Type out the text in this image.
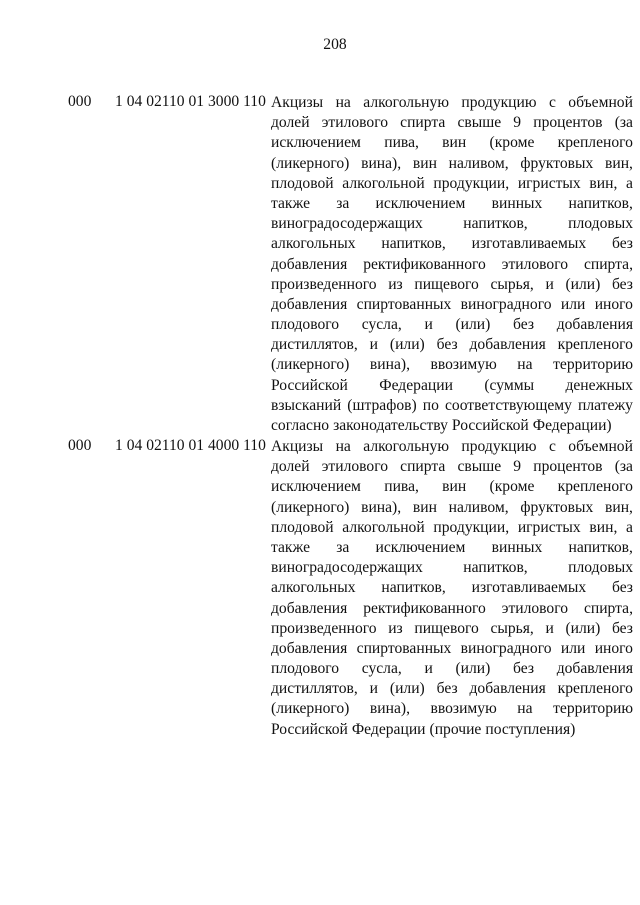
208
000 1 04 02110 01 3000 110 Акцизы на алкогольную продукцию с объемной
долей этилового спирта свыше 9 процентов (за
исключением пива, вин (кроме крепленого
(ликерного) вина), вин наливом, фруктовых вин,
плодовой алкогольной продукции, игристых вин, а
также за исключением винных напитков,
виноградосодержащих	напитков,	плодовых
алкогольных напитков, изготавливаемых без
добавления ректификованного этилового спирта,
произведенного из пищевого сырья, и (или) без
добавления спиртованных виноградного или иного
плодового сусла, и (или) без добавления
дистиллятов, и (или) без добавления крепленого
(ликерного) вина), ввозимую на территорию
Российской Федерации (суммы денежных
взысканий (штрафов) по соответствующему платежу
согласно законодательству Российской Федерации)
000 1 04 02110 01 4000 110 Акцизы на алкогольную продукцию с объемной
долей этилового спирта свыше 9 процентов (за
исключением пива, вин (кроме крепленого
(ликерного) вина), вин наливом, фруктовых вин,
плодовой алкогольной продукции, игристых вин, а
также за исключением винных напитков,
виноградосодержащих	напитков,	плодовых
алкогольных напитков, изготавливаемых без
добавления ректификованного этилового спирта,
произведенного из пищевого сырья, и (или) без
добавления спиртованных виноградного или иного
плодового сусла, и (или) без добавления
дистиллятов, и (или) без добавления крепленого
(ликерного) вина), ввозимую на территорию
Российской Федерации (прочие поступления)
